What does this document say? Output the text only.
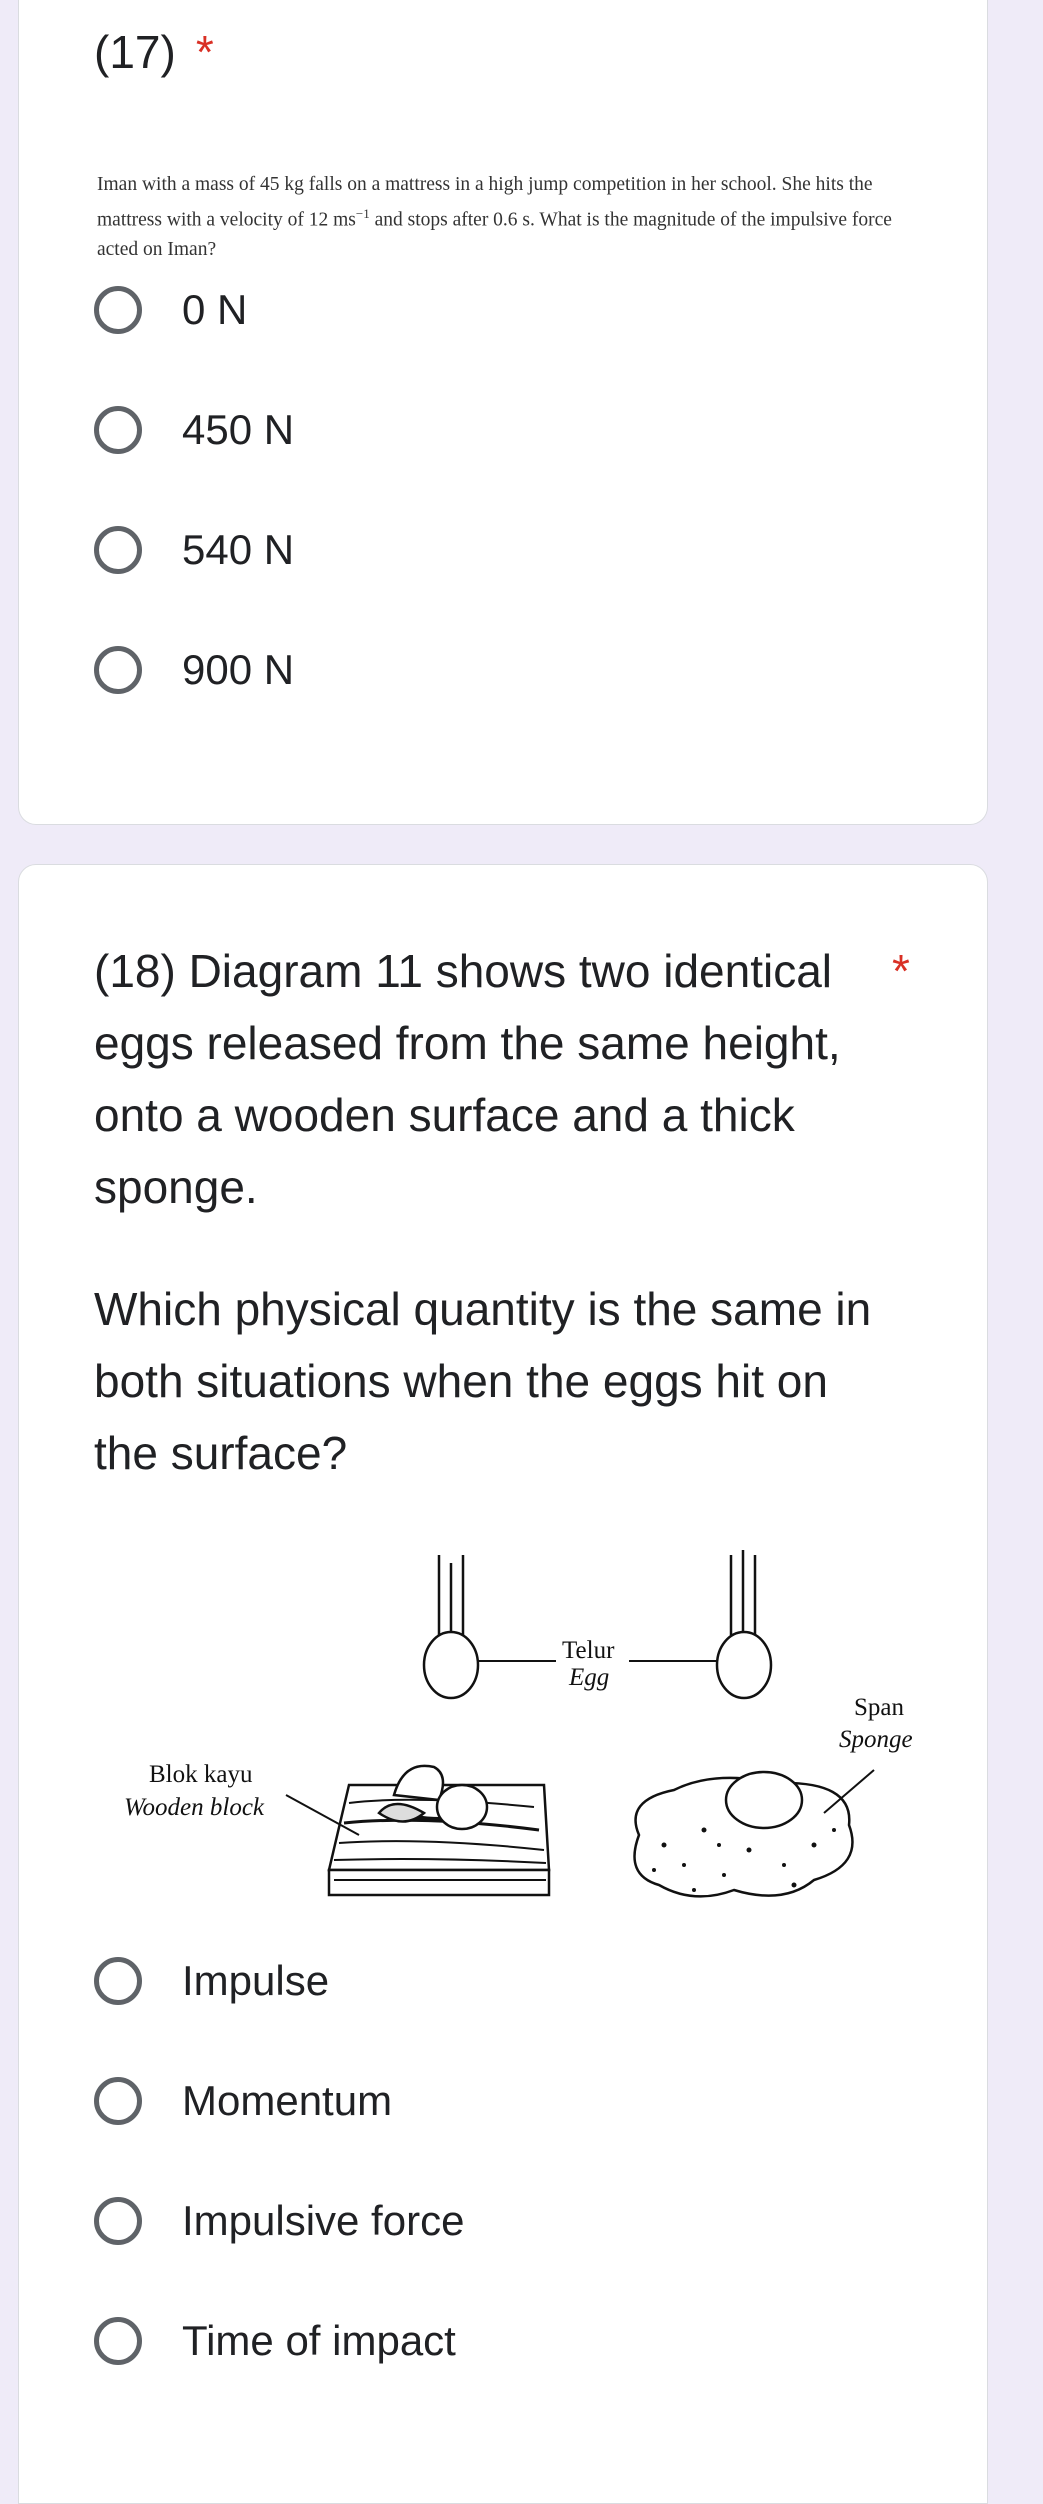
(17) *
Iman with a mass of 45 kg falls on a mattress in a high jump competition in her school. She hits the mattress with a velocity of 12 $ms^{-1}$ and stops after 0.6 s. What is the magnitude of the impulsive force acted on Iman?
0 N
450 N
540 N
900 N
(18) Diagram 11 shows two identical eggs released from the same height, onto a wooden surface and a thick sponge.
*
Which physical quantity is the same in both situations when the eggs hit on the surface?
Telur
Egg
Blok kayu
Wooden block
Span
Sponge
Impulse
Momentum
Impulsive force
Time of impact
